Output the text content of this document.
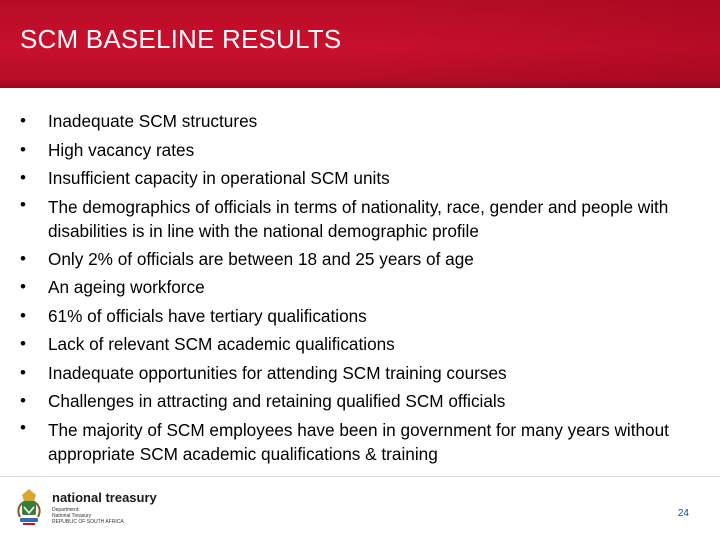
SCM BASELINE RESULTS
•	Inadequate SCM structures
•	High vacancy rates
•	Insufficient capacity in operational SCM units
•	The demographics of officials in terms of nationality, race, gender and people with disabilities is in line with the national demographic profile
•	Only 2% of officials are between 18 and 25 years of age
•	An ageing workforce
•	61% of officials have tertiary qualifications
•	Lack of relevant SCM academic qualifications
•	Inadequate opportunities for attending SCM training courses
•	Challenges in attracting and retaining qualified SCM officials
•	The majority of SCM employees have been in government for many years without appropriate SCM academic qualifications & training
national treasury
Department:
National Treasury
REPUBLIC OF SOUTH AFRICA
24
